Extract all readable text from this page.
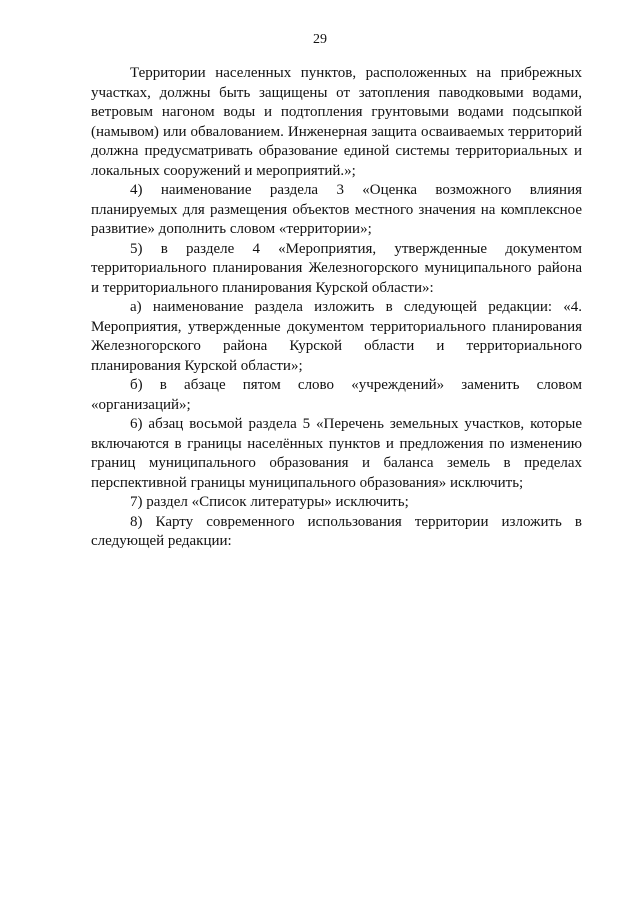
29

Территории населенных пунктов, расположенных на прибрежных участках, должны быть защищены от затопления паводковыми водами, ветровым нагоном воды и подтопления грунтовыми водами подсыпкой (намывом) или обвалованием. Инженерная защита осваиваемых территорий должна предусматривать образование единой системы территориальных и локальных сооружений и мероприятий.»;

4) наименование раздела 3 «Оценка возможного влияния планируемых для размещения объектов местного значения на комплексное развитие» дополнить словом «территории»;

5) в разделе 4 «Мероприятия, утвержденные документом территориального планирования Железногорского муниципального района и территориального планирования Курской области»:

а) наименование раздела изложить в следующей редакции: «4. Мероприятия, утвержденные документом территориального планирования Железногорского района Курской области и территориального планирования Курской области»;

б) в абзаце пятом слово «учреждений» заменить словом «организаций»;

6) абзац восьмой раздела 5 «Перечень земельных участков, которые включаются в границы населённых пунктов и предложения по изменению границ муниципального образования и баланса земель в пределах перспективной границы муниципального образования» исключить;

7) раздел «Список литературы» исключить;

8) Карту современного использования территории изложить в следующей редакции:
